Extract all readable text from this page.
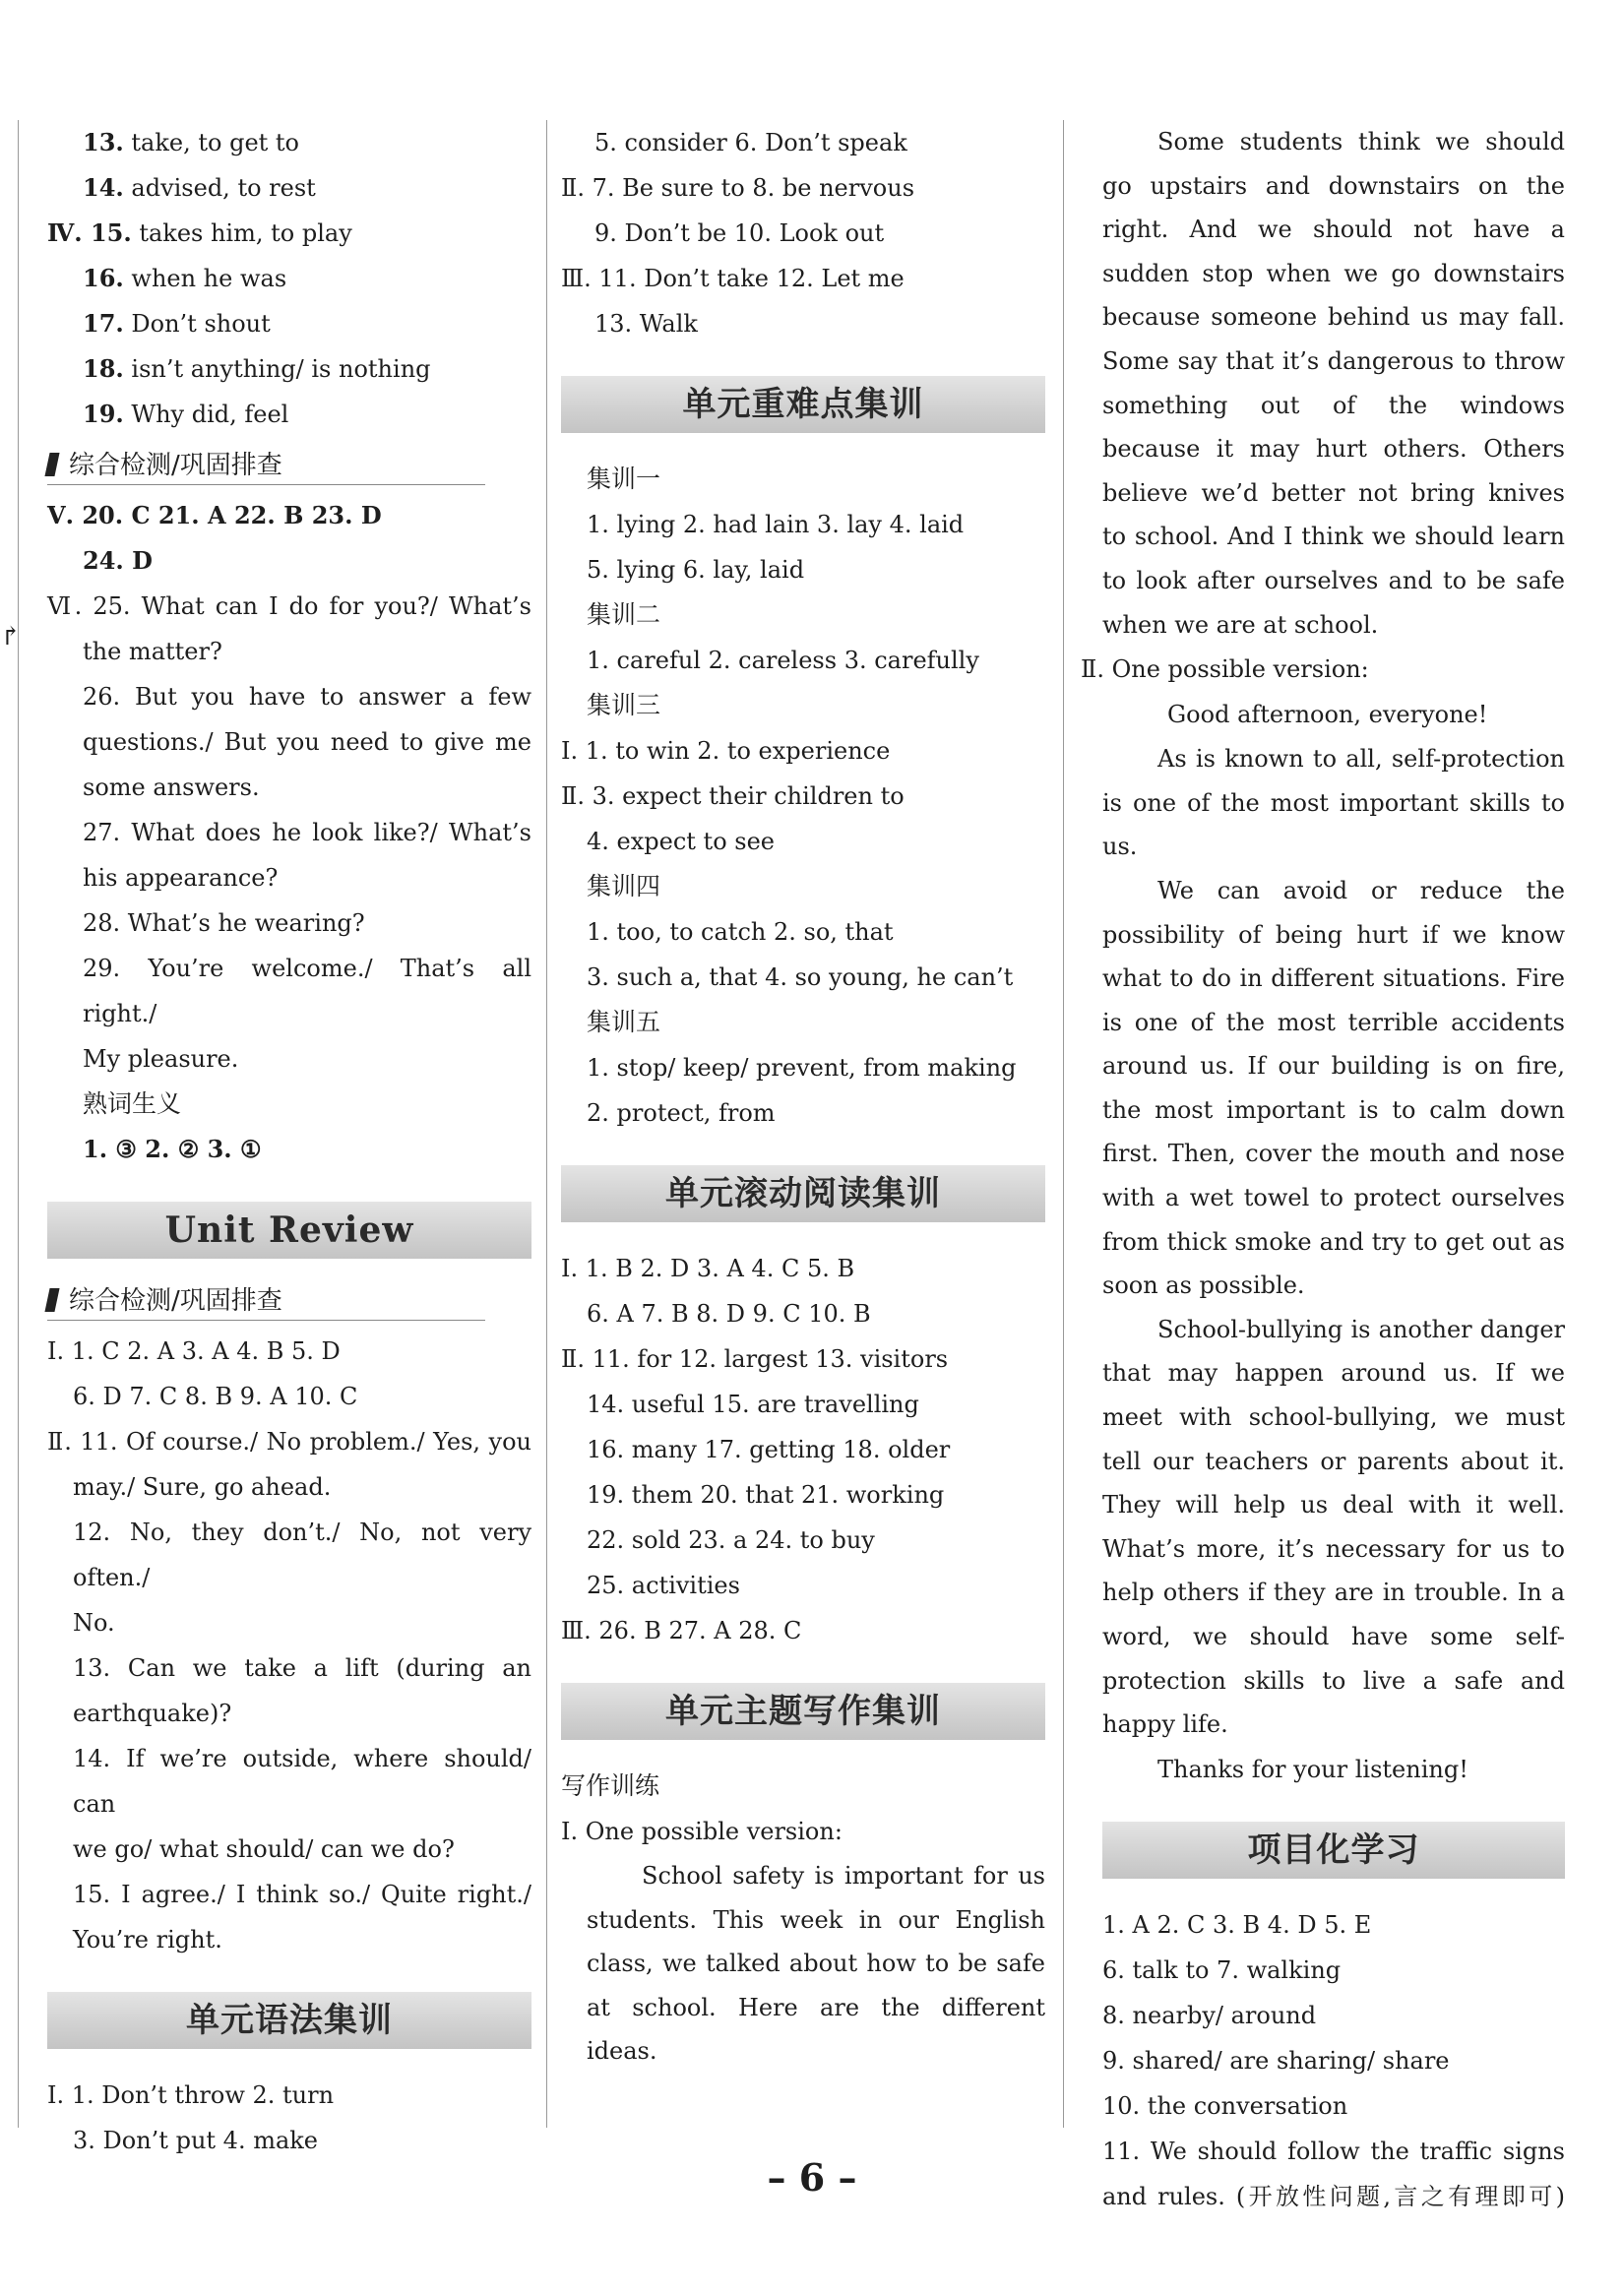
↱
13. take, to get to
14. advised, to rest
Ⅳ. 15. takes him, to play
16. when he was
17. Don’t shout
18. isn’t anything/ is nothing
19. Why did, feel
综合检测/巩固排查
Ⅴ. 20. C 21. A 22. B 23. D
24. D
Ⅵ. 25. What can I do for you?/ What’s
the matter?
26. But you have to answer a few
questions./ But you need to give me
some answers.
27. What does he look like?/ What’s
his appearance?
28. What’s he wearing?
29. You’re welcome./ That’s all right./
My pleasure.
熟词生义
1. ③ 2. ② 3. ①
Unit Review
综合检测/巩固排查
Ⅰ. 1. C 2. A 3. A 4. B 5. D
6. D 7. C 8. B 9. A 10. C
Ⅱ. 11. Of course./ No problem./ Yes, you
may./ Sure, go ahead.
12. No, they don’t./ No, not very often./
No.
13. Can we take a lift (during an
earthquake)?
14. If we’re outside, where should/ can
we go/ what should/ can we do?
15. I agree./ I think so./ Quite right./
You’re right.
单元语法集训
Ⅰ. 1. Don’t throw 2. turn
3. Don’t put 4. make
5. consider 6. Don’t speak
Ⅱ. 7. Be sure to 8. be nervous
9. Don’t be 10. Look out
Ⅲ. 11. Don’t take 12. Let me
13. Walk
单元重难点集训
集训一
1. lying 2. had lain 3. lay 4. laid
5. lying 6. lay, laid
集训二
1. careful 2. careless 3. carefully
集训三
Ⅰ. 1. to win 2. to experience
Ⅱ. 3. expect their children to
4. expect to see
集训四
1. too, to catch 2. so, that
3. such a, that 4. so young, he can’t
集训五
1. stop/ keep/ prevent, from making
2. protect, from
单元滚动阅读集训
Ⅰ. 1. B 2. D 3. A 4. C 5. B
6. A 7. B 8. D 9. C 10. B
Ⅱ. 11. for 12. largest 13. visitors
14. useful 15. are travelling
16. many 17. getting 18. older
19. them 20. that 21. working
22. sold 23. a 24. to buy
25. activities
Ⅲ. 26. B 27. A 28. C
单元主题写作集训
写作训练
Ⅰ. One possible version:
School safety is important for us students. This week in our English class, we talked about how to be safe at school. Here are the different ideas.
Some students think we should go upstairs and downstairs on the right. And we should not have a sudden stop when we go downstairs because someone behind us may fall. Some say that it’s dangerous to throw something out of the windows because it may hurt others. Others believe we’d better not bring knives to school. And I think we should learn to look after ourselves and to be safe when we are at school.
Ⅱ. One possible version:
Good afternoon, everyone!
As is known to all, self-protection is one of the most important skills to us.
We can avoid or reduce the possibility of being hurt if we know what to do in different situations. Fire is one of the most terrible accidents around us. If our building is on fire, the most important is to calm down first. Then, cover the mouth and nose with a wet towel to protect ourselves from thick smoke and try to get out as soon as possible.
School-bullying is another danger that may happen around us. If we meet with school-bullying, we must tell our teachers or parents about it. They will help us deal with it well. What’s more, it’s necessary for us to help others if they are in trouble. In a word, we should have some self-protection skills to live a safe and happy life.
Thanks for your listening!
项目化学习
1. A 2. C 3. B 4. D 5. E
6. talk to 7. walking
8. nearby/ around
9. shared/ are sharing/ share
10. the conversation
11. We should follow the traffic signs
and rules. (开放性问题,言之有理即可)
– 6 –
